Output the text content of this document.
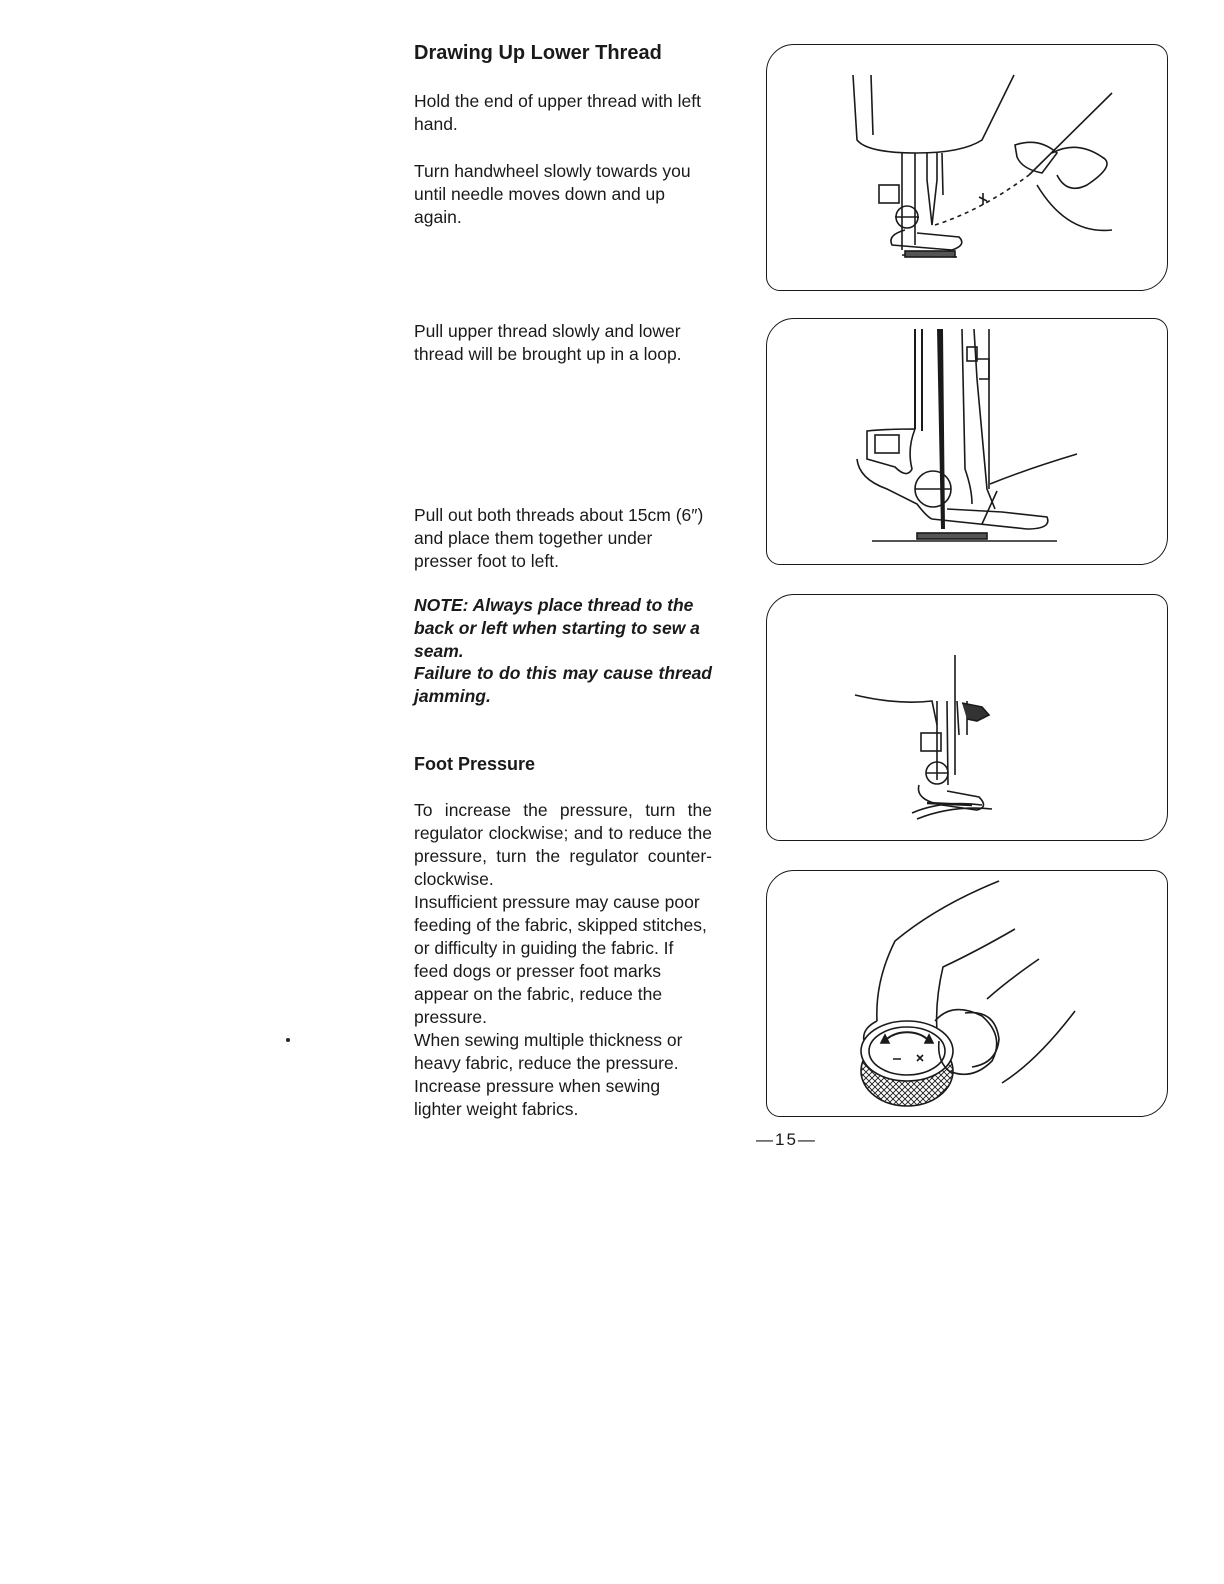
Drawing Up Lower Thread
Hold the end of upper thread with left hand.
Turn handwheel slowly towards you until needle moves down and up again.
Pull upper thread slowly and lower thread will be brought up in a loop.
Pull out both threads about 15cm (6″) and place them together under presser foot to left.
NOTE: Always place thread to the back or left when starting to sew a seam.
Failure to do this may cause thread jamming.
Foot Pressure
To increase the pressure, turn the regulator clockwise; and to reduce the pressure, turn the regulator counter-clockwise.
Insufficient pressure may cause poor feeding of the fabric, skipped stitches, or difficulty in guiding the fabric. If feed dogs or presser foot marks appear on the fabric, reduce the pressure.
When sewing multiple thickness or heavy fabric, reduce the pressure. Increase pressure when sewing lighter weight fabrics.
—15—
